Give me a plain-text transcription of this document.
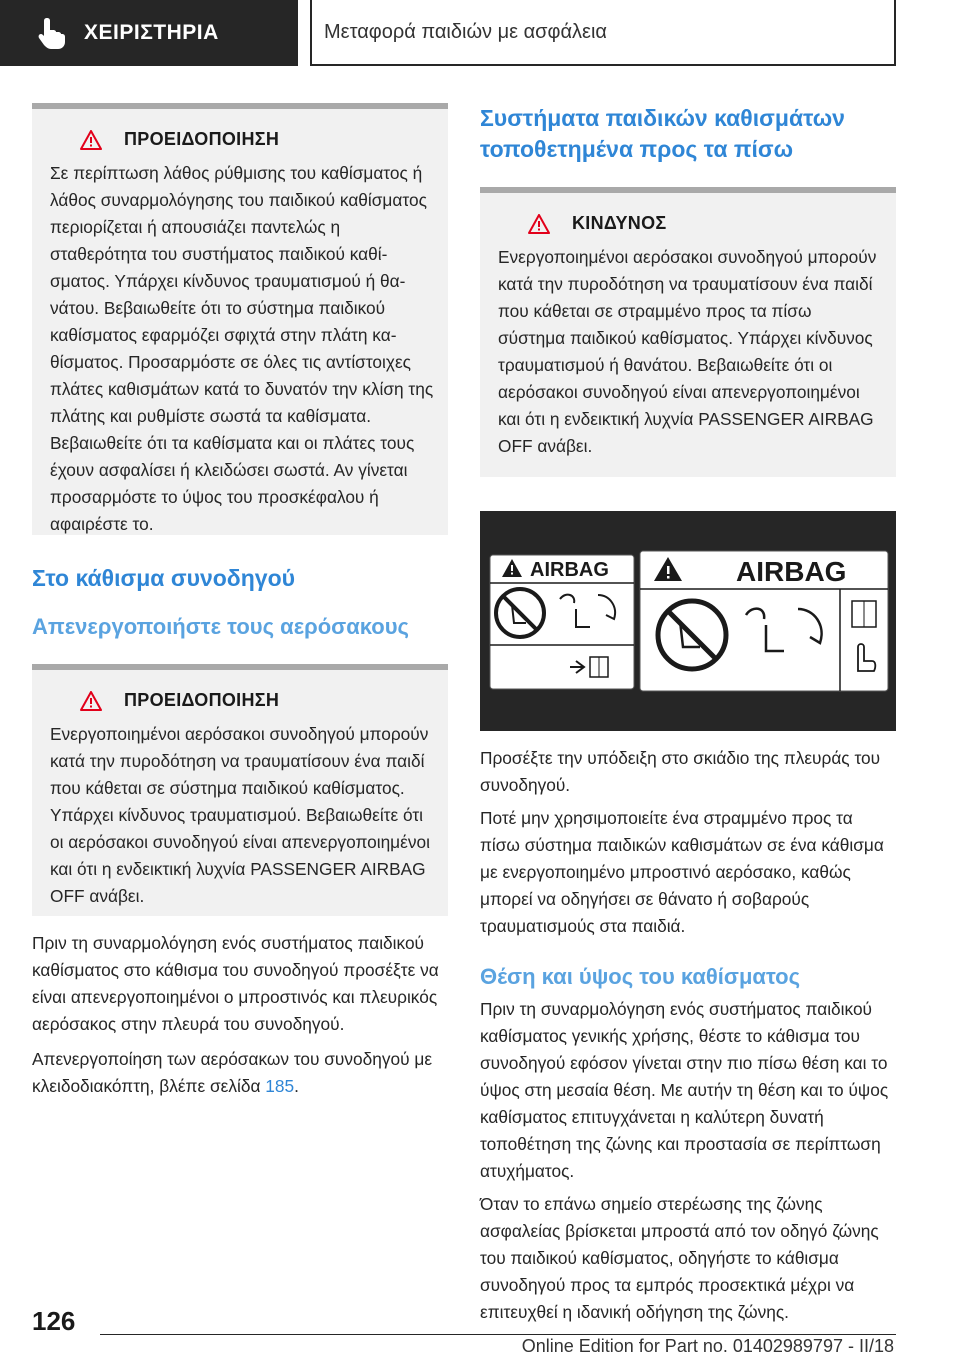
ΧΕΙΡΙΣΤΗΡΙΑ	Μεταφορά παιδιών με ασφάλεια
ΠΡΟΕΙΔΟΠΟΙΗΣΗ

Σε περίπτωση λάθος ρύθμισης του καθίσματος ή λάθος συναρμολόγησης του παιδικού καθίσματος περιορίζεται ή απουσιάζει παντελώς η σταθερότητα του συστήματος παιδικού καθίσματος. Υπάρχει κίνδυνος τραυματισμού ή θανάτου. Βεβαιωθείτε ότι το σύστημα παιδικού καθίσματος εφαρμόζει σφιχτά στην πλάτη καθίσματος. Προσαρμόστε σε όλες τις αντίστοιχες πλάτες καθισμάτων κατά το δυνατόν την κλίση της πλάτης και ρυθμίστε σωστά τα καθίσματα. Βεβαιωθείτε ότι τα καθίσματα και οι πλάτες τους έχουν ασφαλίσει ή κλειδώσει σωστά. Αν γίνεται προσαρμόστε το ύψος του προσκέφαλου ή αφαιρέστε το.

Στο κάθισμα συνοδηγού
Απενεργοποιήστε τους αερόσακους
ΠΡΟΕΙΔΟΠΟΙΗΣΗ

Ενεργοποιημένοι αερόσακοι συνοδηγού μπορούν κατά την πυροδότηση να τραυματίσουν ένα παιδί που κάθεται σε σύστημα παιδικού καθίσματος. Υπάρχει κίνδυνος τραυματισμού. Βεβαιωθείτε ότι οι αερόσακοι συνοδηγού είναι απενεργοποιημένοι και ότι η ενδεικτική λυχνία PASSENGER AIRBAG OFF ανάβει.

Πριν τη συναρμολόγηση ενός συστήματος παιδικού καθίσματος στο κάθισμα του συνοδηγού προσέξτε να είναι απενεργοποιημένοι ο μπροστινός και πλευρικός αερόσακος στην πλευρά του συνοδηγού.

Απενεργοποίηση των αερόσακων του συνοδηγού με κλειδοδιακόπτη, βλέπε σελίδα 185.

Συστήματα παιδικών καθισμάτων τοποθετημένα προς τα πίσω
ΚΙΝΔΥΝΟΣ

Ενεργοποιημένοι αερόσακοι συνοδηγού μπορούν κατά την πυροδότηση να τραυματίσουν ένα παιδί που κάθεται σε στραμμένο προς τα πίσω σύστημα παιδικού καθίσματος. Υπάρχει κίνδυνος τραυματισμού ή θανάτου. Βεβαιωθείτε ότι οι αερόσακοι συνοδηγού είναι απενεργοποιημένοι και ότι η ενδεικτική λυχνία PASSENGER AIRBAG OFF ανάβει.

AIRBAG	AIRBAG

Προσέξτε την υπόδειξη στο σκιάδιο της πλευράς του συνοδηγού.

Ποτέ μην χρησιμοποιείτε ένα στραμμένο προς τα πίσω σύστημα παιδικών καθισμάτων σε ένα κάθισμα με ενεργοποιημένο μπροστινό αερόσακο, καθώς μπορεί να οδηγήσει σε θάνατο ή σοβαρούς τραυματισμούς στα παιδιά.

Θέση και ύψος του καθίσματος

Πριν τη συναρμολόγηση ενός συστήματος παιδικού καθίσματος γενικής χρήσης, θέστε το κάθισμα του συνοδηγού εφόσον γίνεται στην πιο πίσω θέση και το ύψος στη μεσαία θέση. Με αυτήν τη θέση και το ύψος καθίσματος επιτυγχάνεται η καλύτερη δυνατή τοποθέτηση της ζώνης και προστασία σε περίπτωση ατυχήματος.

Όταν το επάνω σημείο στερέωσης της ζώνης ασφαλείας βρίσκεται μπροστά από τον οδηγό ζώνης του παιδικού καθίσματος, οδηγήστε το κάθισμα συνοδηγού προς τα εμπρός προσεκτικά μέχρι να επιτευχθεί η ιδανική οδήγηση της ζώνης.

126
Online Edition for Part no. 01402989797 - II/18
